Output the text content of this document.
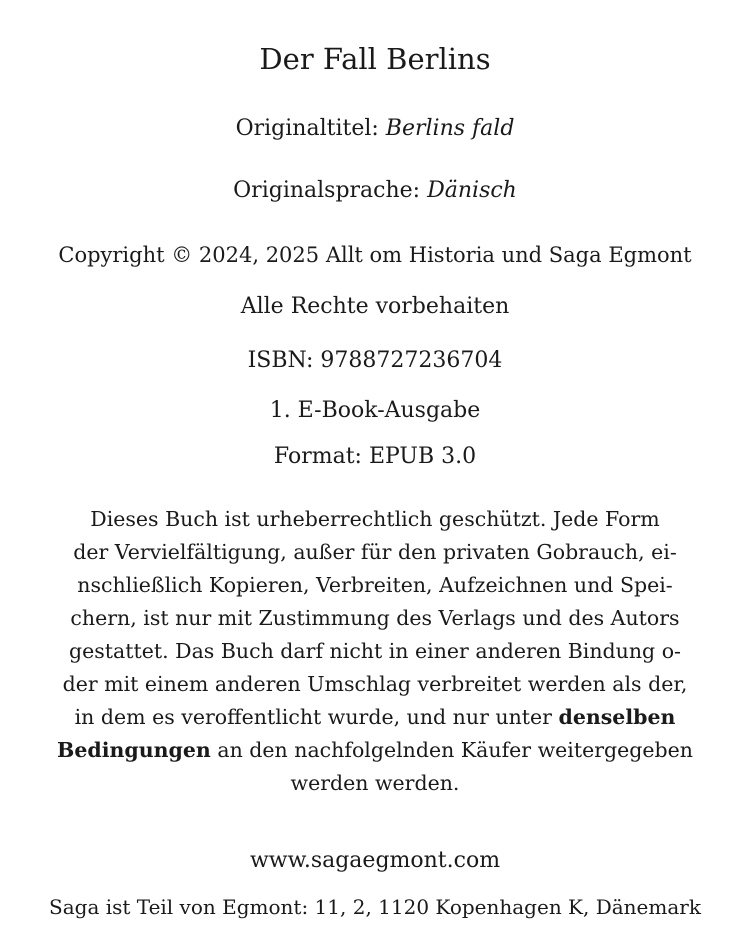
Der Fall Berlins
Originaltitel: Berlins fald
Originalsprache: Dänisch
Copyright © 2024, 2025 Allt om Historia und Saga Egmont
Alle Rechte vorbehaiten
ISBN: 9788727236704
1. E-Book-Ausgabe
Format: EPUB 3.0
Dieses Buch ist urheberrechtlich geschützt. Jede Form
der Vervielfältigung, außer für den privaten Gobrauch, ei-
nschließlich Kopieren, Verbreiten, Aufzeichnen und Spei-
chern, ist nur mit Zustimmung des Verlags und des Autors
gestattet. Das Buch darf nicht in einer anderen Bindung o-
der mit einem anderen Umschlag verbreitet werden als der,
in dem es veroffentlicht wurde, und nur unter denselben
Bedingungen an den nachfolgelnden Käufer weitergegeben
werden werden.
www.sagaegmont.com
Saga ist Teil von Egmont: 11, 2, 1120 Kopenhagen K, Dänemark
